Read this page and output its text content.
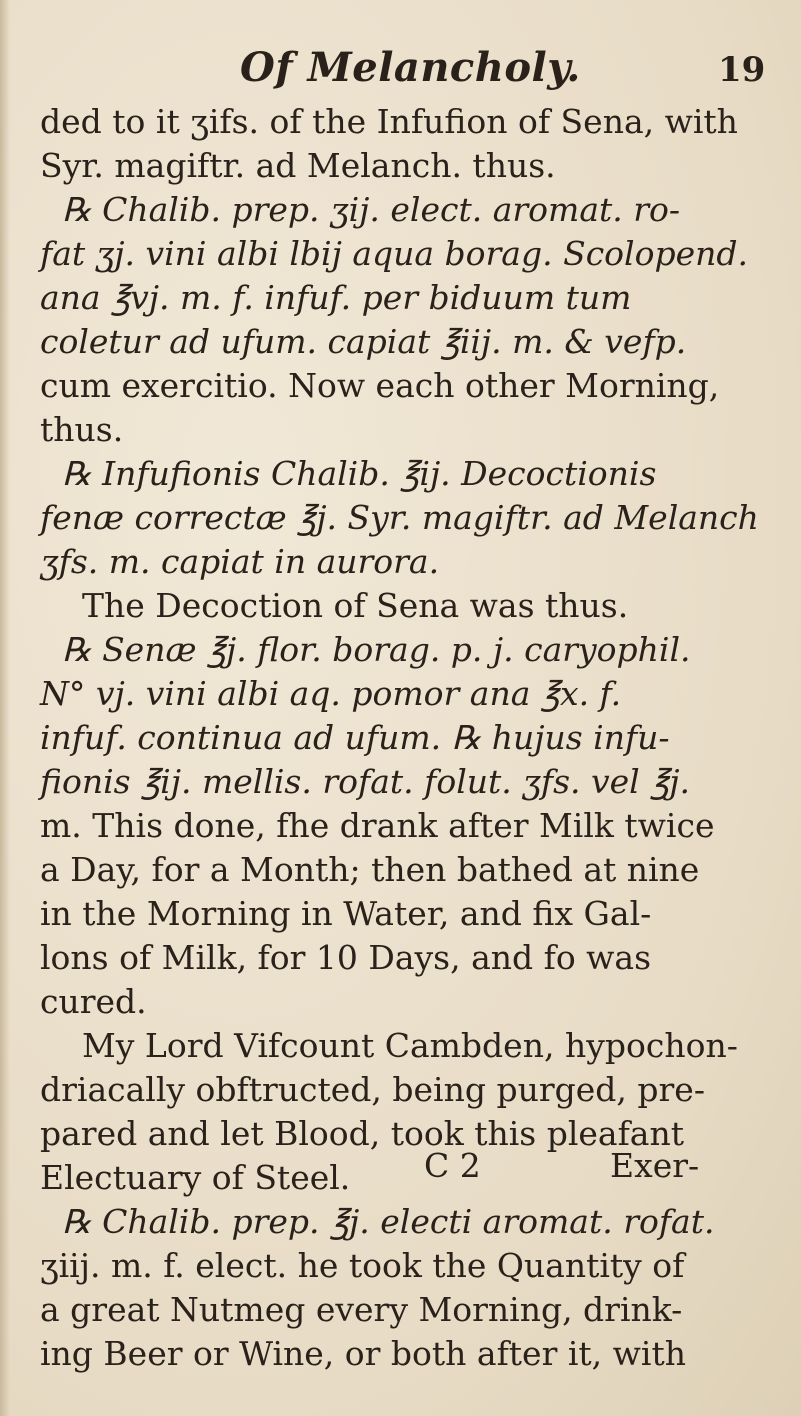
Of Melancholy.	19
ded to it ʒifs. of the Infufion of Sena, with
Syr. magiftr. ad Melanch. thus.
℞ Chalib. prep. ʒij. elect. aromat. ro-
fat ʒj. vini albi lbij aqua borag. Scolopend.
ana ℥vj. m. f. infuf. per biduum tum
coletur ad ufum. capiat ℥iij. m. & vefp.
cum exercitio. Now each other Morning,
thus.
℞ Infufionis Chalib. ℥ij. Decoctionis
fenæ correctæ ℥j. Syr. magiftr. ad Melanch
ʒfs. m. capiat in aurora.
The Decoction of Sena was thus.
℞ Senæ ℥j. flor. borag. p. j. caryophil.
N° vj. vini albi aq. pomor ana ℥x. f.
infuf. continua ad ufum. ℞ hujus infu-
fionis ℥ij. mellis. rofat. folut. ʒfs. vel ℥j.
m. This done, fhe drank after Milk twice
a Day, for a Month; then bathed at nine
in the Morning in Water, and fix Gal-
lons of Milk, for 10 Days, and fo was
cured.
My Lord Vifcount Cambden, hypochon-
driacally obftructed, being purged, pre-
pared and let Blood, took this pleafant
Electuary of Steel.
℞ Chalib. prep. ℥j. electi aromat. rofat.
ʒiij. m. f. elect. he took the Quantity of
a great Nutmeg every Morning, drink-
ing Beer or Wine, or both after it, with
C 2	Exer-
